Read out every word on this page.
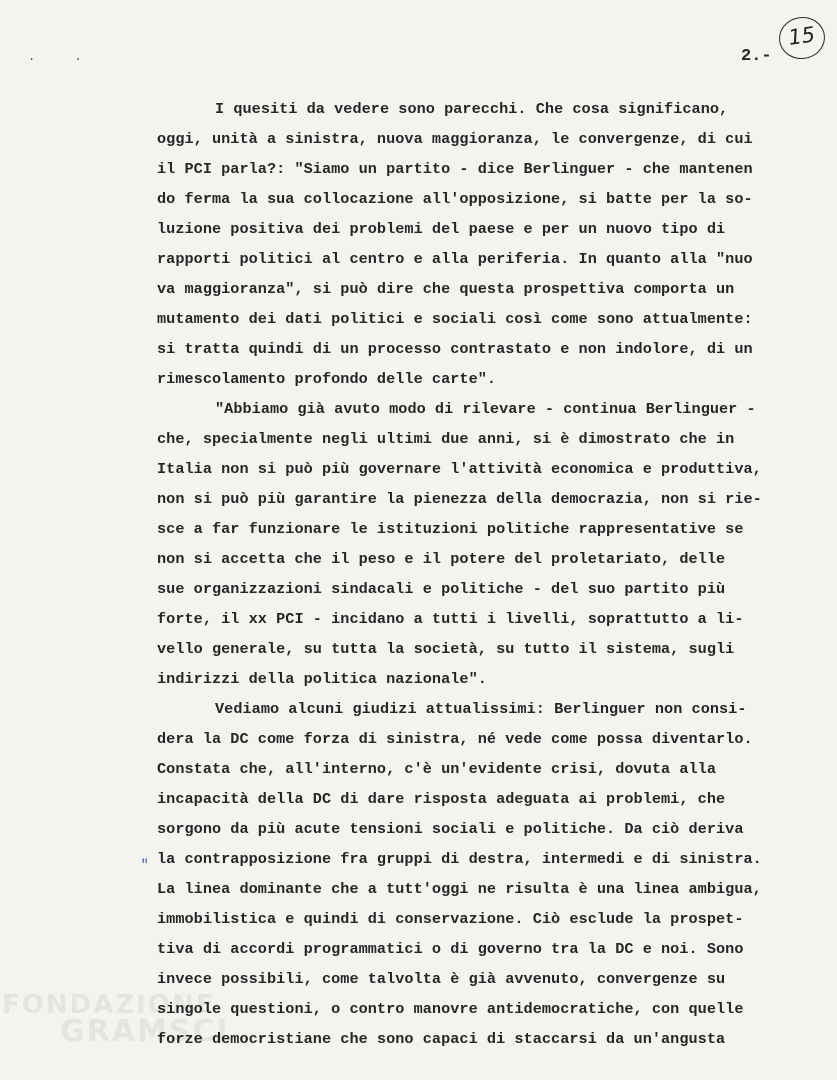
. .	2.-
15
"
I quesiti da vedere sono parecchi. Che cosa significano,
oggi, unità a sinistra, nuova maggioranza, le convergenze, di cui
il PCI parla?: "Siamo un partito - dice Berlinguer - che mantenen
do ferma la sua collocazione all'opposizione, si batte per la so-
luzione positiva dei problemi del paese e per un nuovo tipo di
rapporti politici al centro e alla periferia. In quanto alla "nuo
va maggioranza", si può dire che questa prospettiva comporta un
mutamento dei dati politici e sociali così come sono attualmente:
si tratta quindi di un processo contrastato e non indolore, di un
rimescolamento profondo delle carte".
"Abbiamo già avuto modo di rilevare - continua Berlinguer -
che, specialmente negli ultimi due anni, si è dimostrato che in
Italia non si può più governare l'attività economica e produttiva,
non si può più garantire la pienezza della democrazia, non si rie-
sce a far funzionare le istituzioni politiche rappresentative se
non si accetta che il peso e il potere del proletariato, delle
sue organizzazioni sindacali e politiche - del suo partito più
forte, il xx PCI - incidano a tutti i livelli, soprattutto a li-
vello generale, su tutta la società, su tutto il sistema, sugli
indirizzi della politica nazionale".
Vediamo alcuni giudizi attualissimi: Berlinguer non consi-
dera la DC come forza di sinistra, né vede come possa diventarlo.
Constata che, all'interno, c'è un'evidente crisi, dovuta alla
incapacità della DC di dare risposta adeguata ai problemi, che
sorgono da più acute tensioni sociali e politiche. Da ciò deriva
la contrapposizione fra gruppi di destra, intermedi e di sinistra.
La linea dominante che a tutt'oggi ne risulta è una linea ambigua,
immobilistica e quindi di conservazione. Ciò esclude la prospet-
tiva di accordi programmatici o di governo tra la DC e noi. Sono
invece possibili, come talvolta è già avvenuto, convergenze su
singole questioni, o contro manovre antidemocratiche, con quelle
forze democristiane che sono capaci di staccarsi da un'angusta
FONDAZIONE
GRAMSCI
